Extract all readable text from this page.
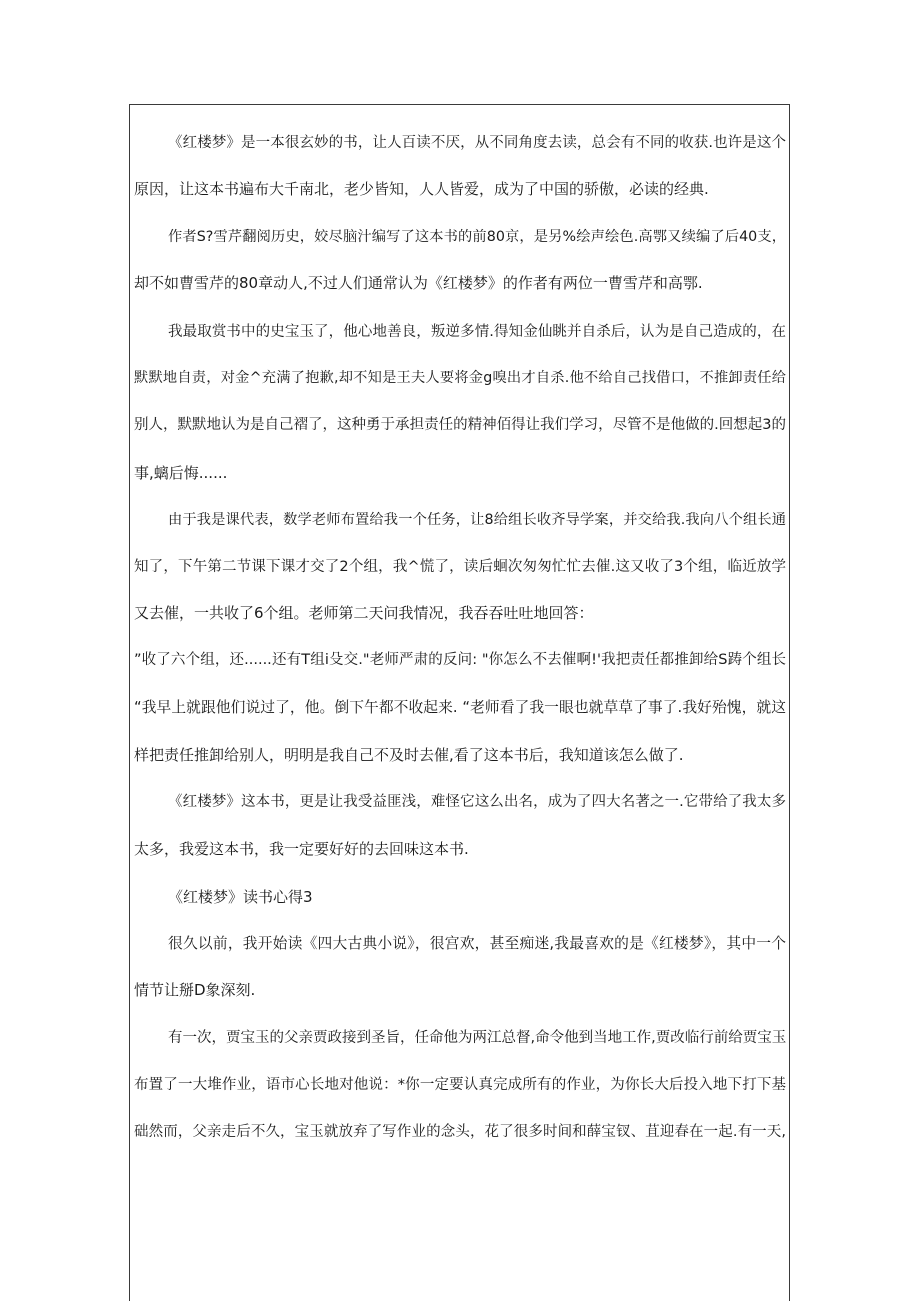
《红楼梦》是一本很玄妙的书，让人百读不厌，从不同角度去读，总会有不同的收获.也许是这个
原因，让这本书遍布大千南北，老少皆知，人人皆爱，成为了中国的骄傲，必读的经典.
作者S?雪芹翻阅历史，姣尽脑汁编写了这本书的前80京，是另%绘声绘色.高鄂又续编了后40支，
却不如曹雪芹的80章动人,不过人们通常认为《红楼梦》的作者有两位一曹雪芹和高鄂.
我最取赏书中的史宝玉了，他心地善良，叛逆多情.得知金仙眺并自杀后，认为是自己造成的，在
默默地自责，对金^充满了抱歉,却不知是王夫人要将金g嗅出才自杀.他不给自己找借口，不推卸责任给
别人，默默地认为是自己褶了，这种勇于承担责任的精神佰得让我们学习，尽管不是他做的.回想起3的
事,螭后悔......
由于我是课代表，数学老师布置给我一个任务，让8给组长收齐导学案，并交给我.我向八个组长通
知了，下午第二节课下课才交了2个组，我^慌了，读后蛔次匆匆忙忙去催.这又收了3个组，临近放学
又去催，一共收了6个组。老师第二天问我情况，我吞吞吐吐地回答：
”收了六个组，还......还有T组i殳交."老师严肃的反问: "你怎么不去催啊!'我把责任都推卸给S踌个组长
“我早上就跟他们说过了，他。倒下午都不收起来. “老师看了我一眼也就草草了事了.我好殆愧，就这
样把责任推卸给别人，明明是我自己不及时去催,看了这本书后，我知道该怎么做了.
《红楼梦》这本书，更是让我受益匪浅，难怪它这么出名，成为了四大名著之一.它带给了我太多
太多，我爱这本书，我一定要好好的去回味这本书.
《红楼梦》读书心得3
很久以前，我开始读《四大古典小说》，很宫欢，甚至痴迷,我最喜欢的是《红楼梦》，其中一个
情节让掰D象深刻.
有一次，贾宝玉的父亲贾政接到圣旨，任命他为两江总督,命令他到当地工作,贾改临行前给贾宝玉
布置了一大堆作业，语市心长地对他说：*你一定要认真完成所有的作业，为你长大后投入地下打下基
础然而，父亲走后不久，宝玉就放弃了写作业的念头，花了很多时间和薛宝钗、苴迎春在一起.有一天,
